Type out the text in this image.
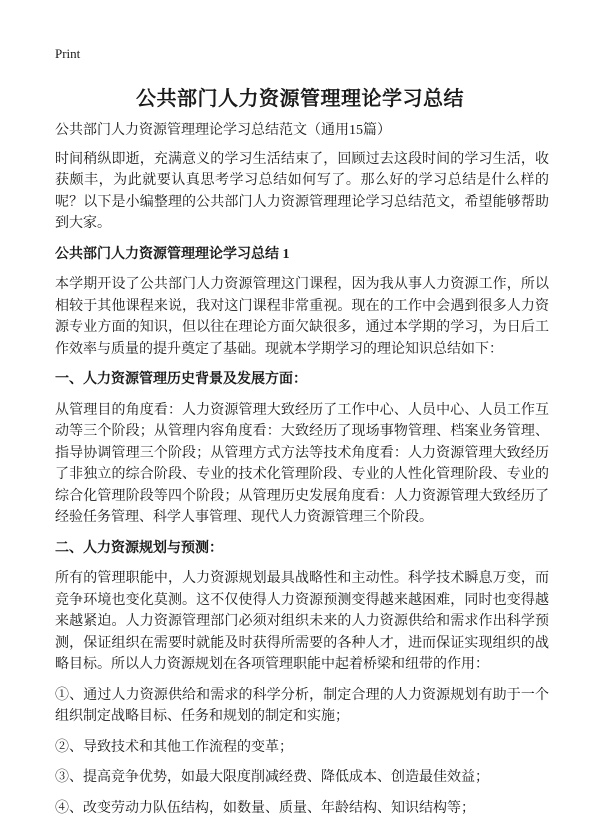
Print
公共部门人力资源管理理论学习总结

公共部门人力资源管理理论学习总结范文（通用15篇）

时间稍纵即逝，充满意义的学习生活结束了，回顾过去这段时间的学习生活，收获颇丰，为此就要认真思考学习总结如何写了。那么好的学习总结是什么样的呢？以下是小编整理的公共部门人力资源管理理论学习总结范文，希望能够帮助到大家。

公共部门人力资源管理理论学习总结 1

本学期开设了公共部门人力资源管理这门课程，因为我从事人力资源工作，所以相较于其他课程来说，我对这门课程非常重视。现在的工作中会遇到很多人力资源专业方面的知识，但以往在理论方面欠缺很多，通过本学期的学习，为日后工作效率与质量的提升奠定了基础。现就本学期学习的理论知识总结如下：

一、人力资源管理历史背景及发展方面：

从管理目的角度看：人力资源管理大致经历了工作中心、人员中心、人员工作互动等三个阶段；从管理内容角度看：大致经历了现场事物管理、档案业务管理、指导协调管理三个阶段；从管理方式方法等技术角度看：人力资源管理大致经历了非独立的综合阶段、专业的技术化管理阶段、专业的人性化管理阶段、专业的综合化管理阶段等四个阶段；从管理历史发展角度看：人力资源管理大致经历了经验任务管理、科学人事管理、现代人力资源管理三个阶段。

二、人力资源规划与预测：

所有的管理职能中，人力资源规划最具战略性和主动性。科学技术瞬息万变，而竞争环境也变化莫测。这不仅使得人力资源预测变得越来越困难，同时也变得越来越紧迫。人力资源管理部门必须对组织未来的人力资源供给和需求作出科学预测，保证组织在需要时就能及时获得所需要的各种人才，进而保证实现组织的战略目标。所以人力资源规划在各项管理职能中起着桥梁和纽带的作用：

①、通过人力资源供给和需求的科学分析，制定合理的人力资源规划有助于一个组织制定战略目标、任务和规划的制定和实施；

②、导致技术和其他工作流程的变革；

③、提高竞争优势，如最大限度削减经费、降低成本、创造最佳效益；

④、改变劳动力队伍结构，如数量、质量、年龄结构、知识结构等；
